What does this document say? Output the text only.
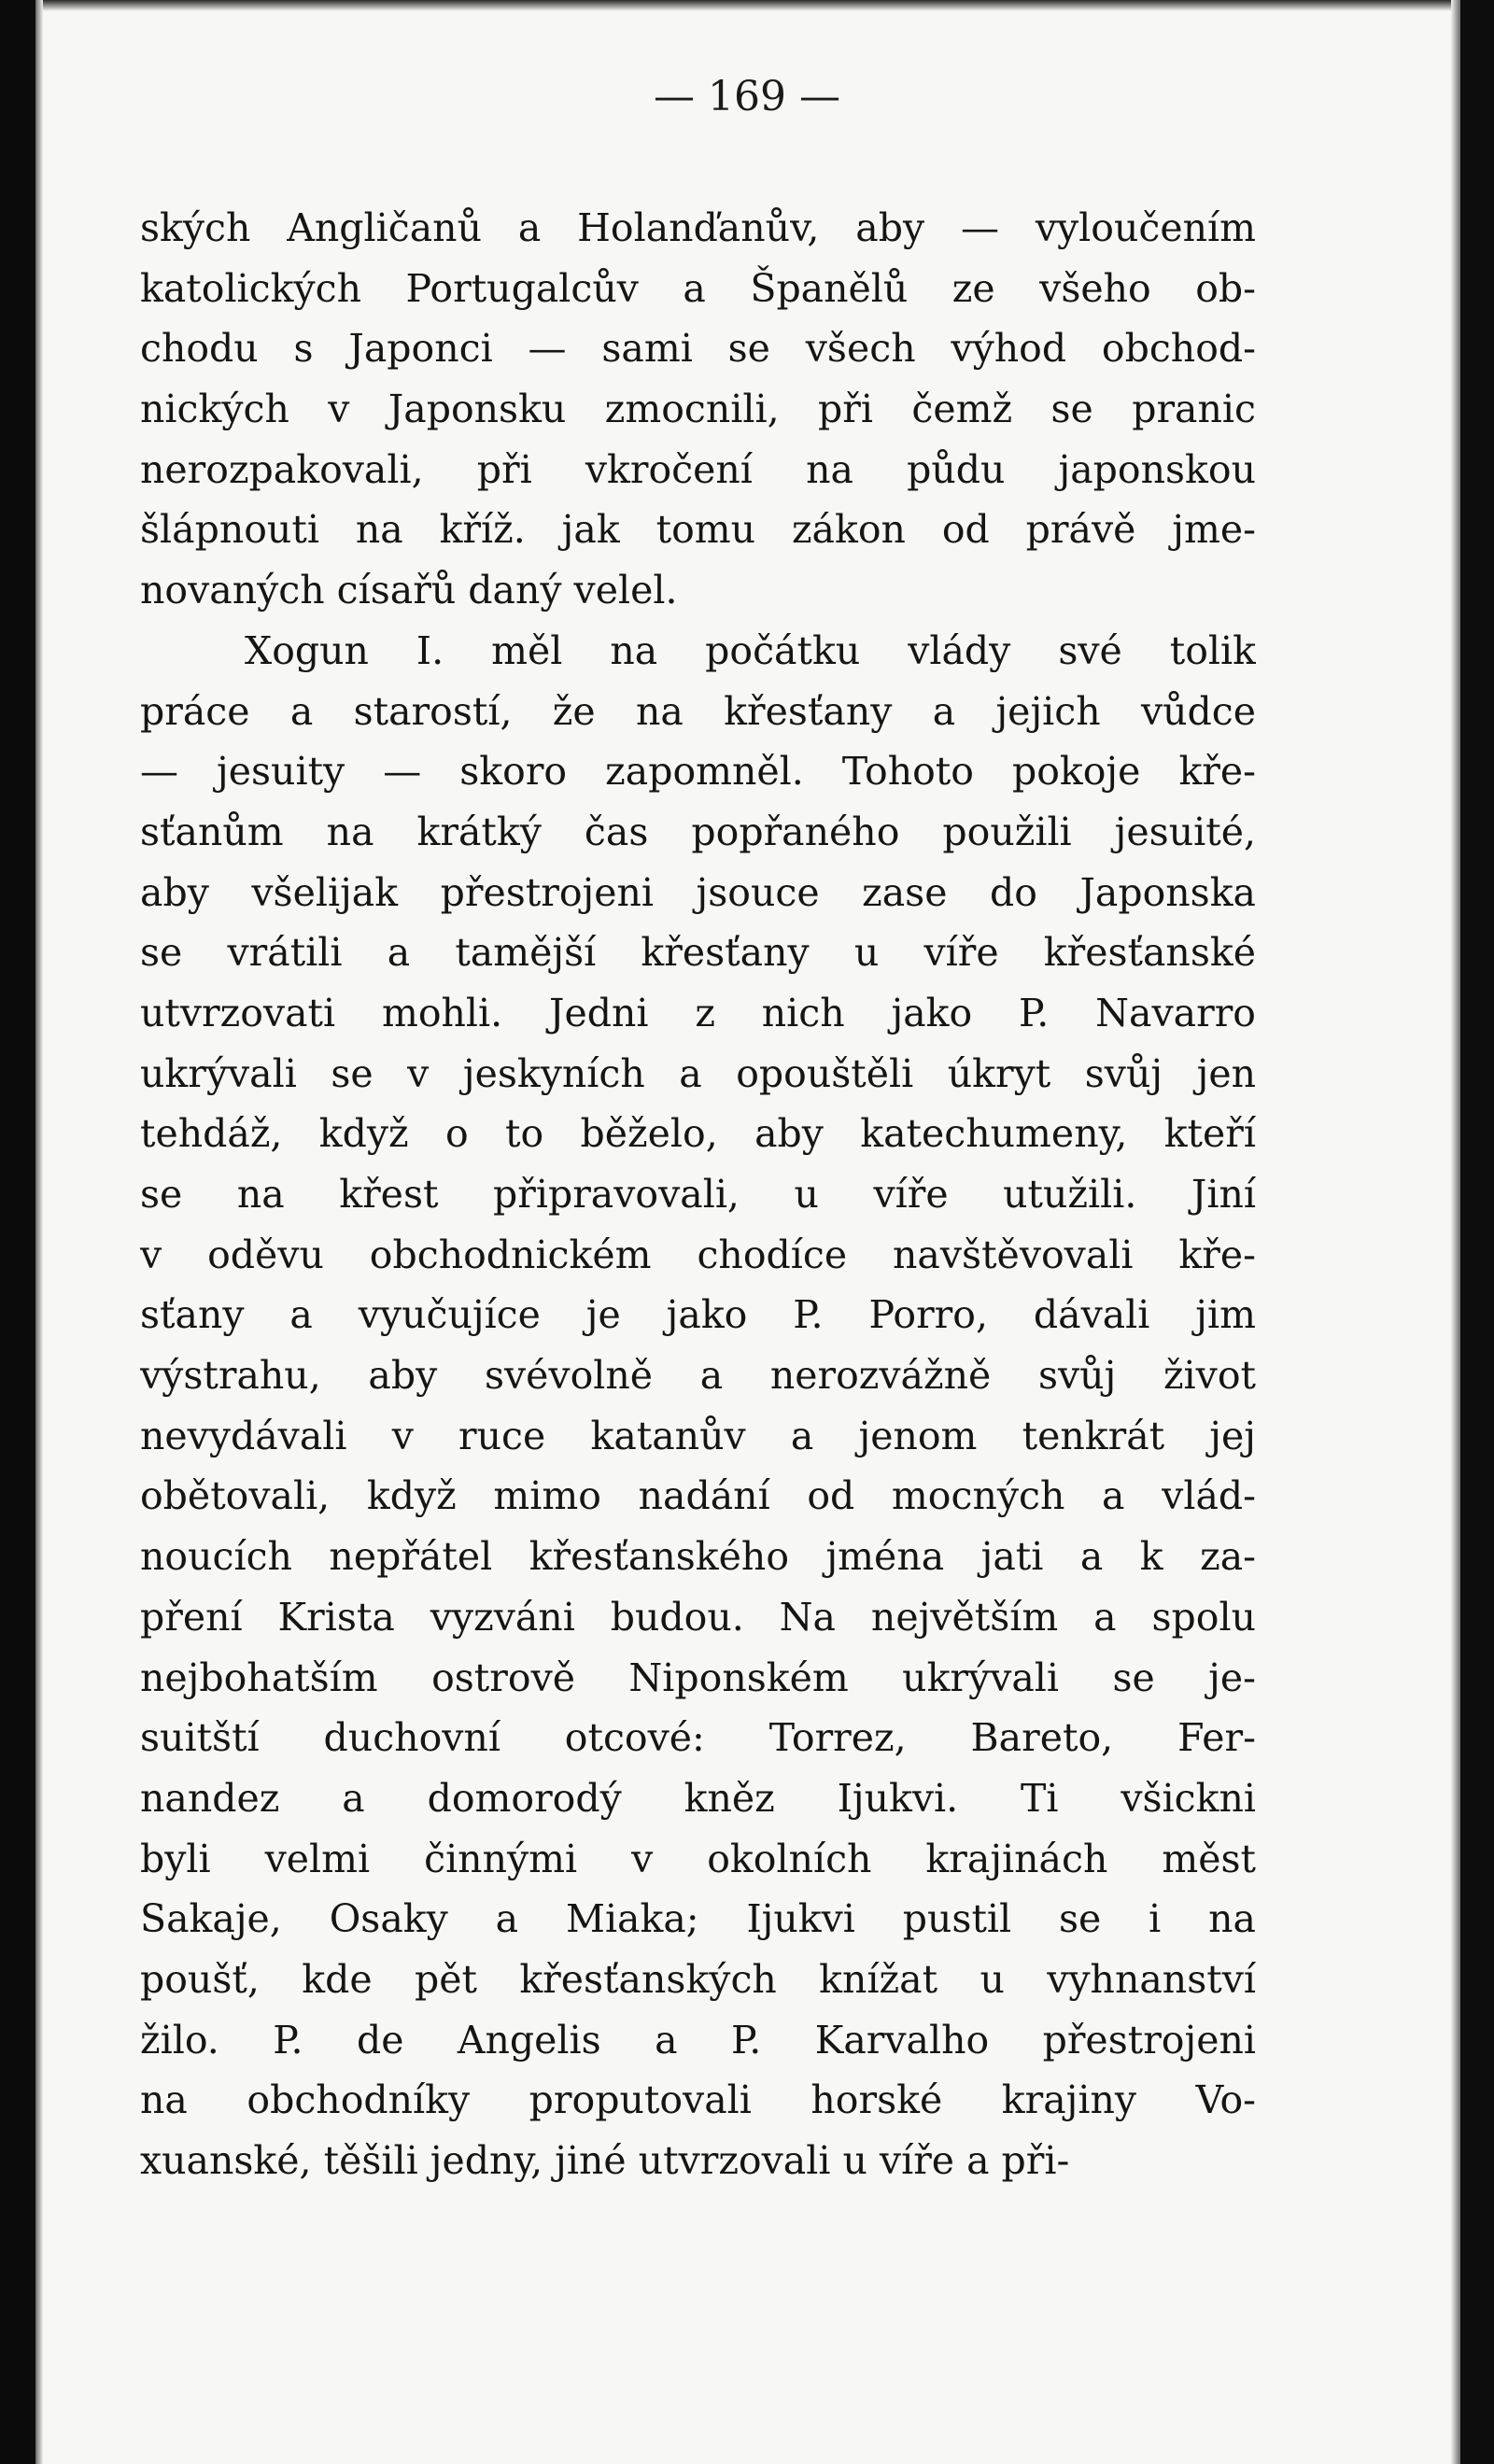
— 169 —
ských Angličanů a Holanďanův, aby — vyloučením
katolických Portugalcův a Španělů ze všeho ob-
chodu s Japonci — sami se všech výhod obchod-
nických v Japonsku zmocnili, při čemž se pranic
nerozpakovali, při vkročení na půdu japonskou
šlápnouti na kříž. jak tomu zákon od právě jme-
novaných císařů daný velel.
Xogun I. měl na počátku vlády své tolik
práce a starostí, že na křesťany a jejich vůdce
— jesuity — skoro zapomněl. Tohoto pokoje kře-
sťanům na krátký čas popřaného použili jesuité,
aby všelijak přestrojeni jsouce zase do Japonska
se vrátili a tamější křesťany u víře křesťanské
utvrzovati mohli. Jedni z nich jako P. Navarro
ukrývali se v jeskyních a opouštěli úkryt svůj jen
tehdáž, když o to běželo, aby katechumeny, kteří
se na křest připravovali, u víře utužili. Jiní
v oděvu obchodnickém chodíce navštěvovali kře-
sťany a vyučujíce je jako P. Porro, dávali jim
výstrahu, aby svévolně a nerozvážně svůj život
nevydávali v ruce katanův a jenom tenkrát jej
obětovali, když mimo nadání od mocných a vlád-
noucích nepřátel křesťanského jména jati a k za-
pření Krista vyzváni budou. Na největším a spolu
nejbohatším ostrově Niponském ukrývali se je-
suitští duchovní otcové: Torrez, Bareto, Fer-
nandez a domorodý kněz Ijukvi. Ti všickni
byli velmi činnými v okolních krajinách měst
Sakaje, Osaky a Miaka; Ijukvi pustil se i na
poušť, kde pět křesťanských knížat u vyhnanství
žilo. P. de Angelis a P. Karvalho přestrojeni
na obchodníky proputovali horské krajiny Vo-
xuanské, těšili jedny, jiné utvrzovali u víře a při-
